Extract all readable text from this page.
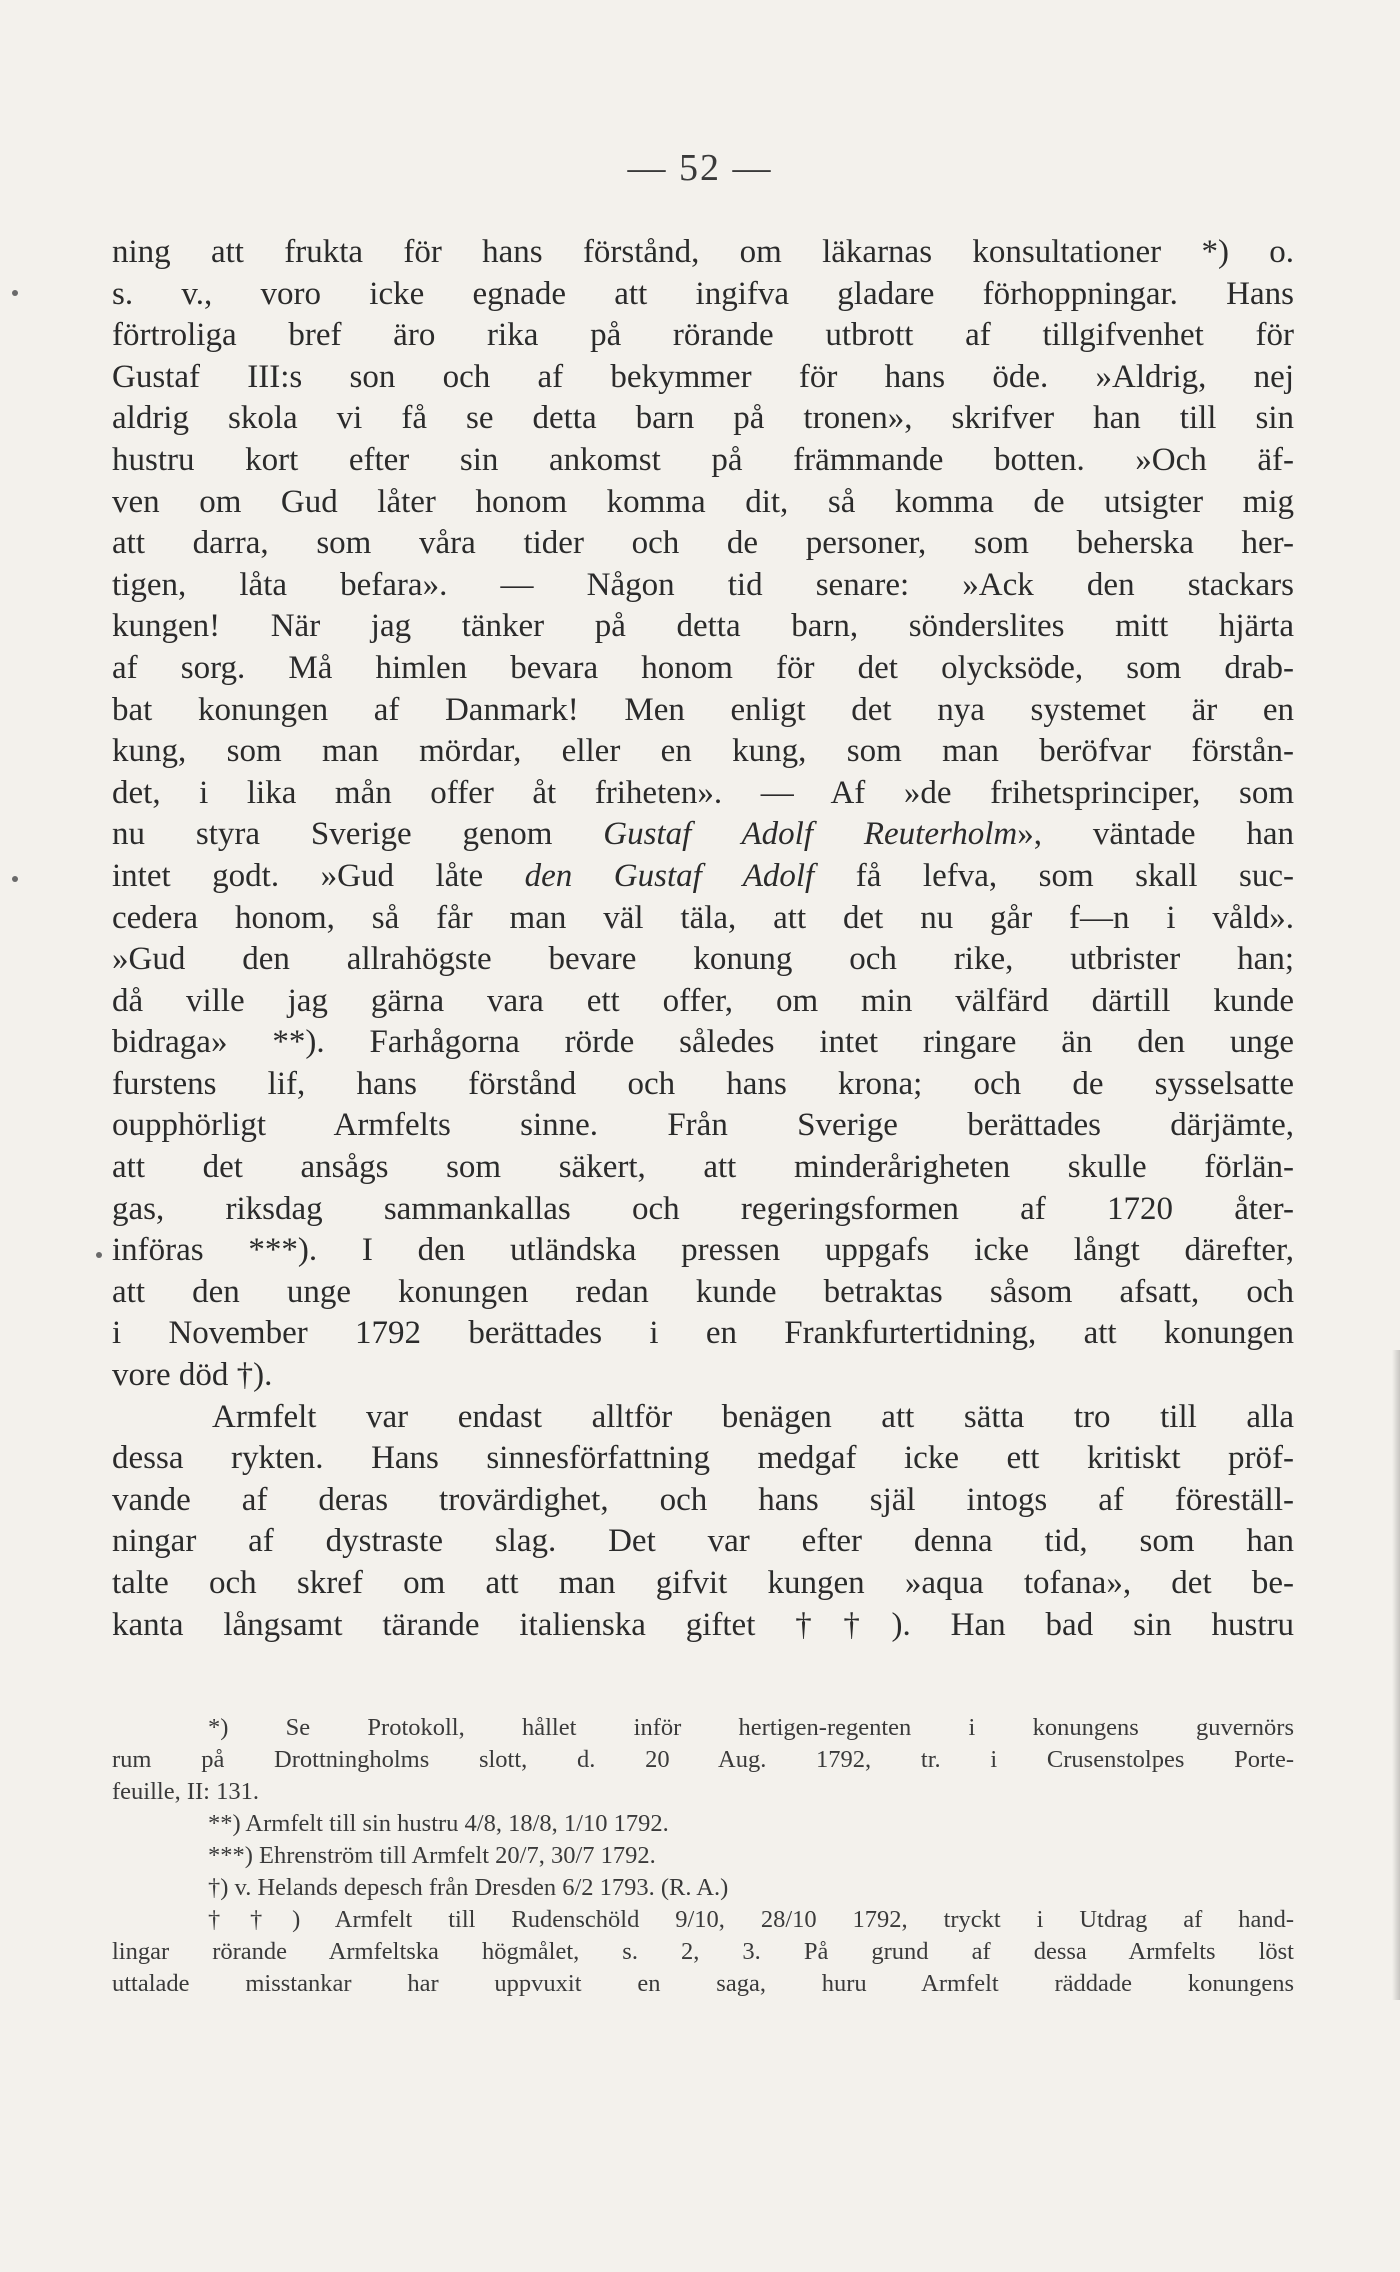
— 52 —
ning att frukta för hans förstånd, om läkarnas konsultationer *) o.
s. v., voro icke egnade att ingifva gladare förhoppningar. Hans
förtroliga bref äro rika på rörande utbrott af tillgifvenhet för
Gustaf III:s son och af bekymmer för hans öde. »Aldrig, nej
aldrig skola vi få se detta barn på tronen», skrifver han till sin
hustru kort efter sin ankomst på främmande botten. »Och äf-
ven om Gud låter honom komma dit, så komma de utsigter mig
att darra, som våra tider och de personer, som beherska her-
tigen, låta befara». — Någon tid senare: »Ack den stackars
kungen! När jag tänker på detta barn, sönderslites mitt hjärta
af sorg. Må himlen bevara honom för det olycksöde, som drab-
bat konungen af Danmark! Men enligt det nya systemet är en
kung, som man mördar, eller en kung, som man beröfvar förstån-
det, i lika mån offer åt friheten». — Af »de frihetsprinciper, som
nu styra Sverige genom Gustaf Adolf Reuterholm», väntade han
intet godt. »Gud låte den Gustaf Adolf få lefva, som skall suc-
cedera honom, så får man väl täla, att det nu går f—n i våld».
»Gud den allrahögste bevare konung och rike, utbrister han;
då ville jag gärna vara ett offer, om min välfärd därtill kunde
bidraga» **). Farhågorna rörde således intet ringare än den unge
furstens lif, hans förstånd och hans krona; och de sysselsatte
oupphörligt Armfelts sinne. Från Sverige berättades därjämte,
att det ansågs som säkert, att minderårigheten skulle förlän-
gas, riksdag sammankallas och regeringsformen af 1720 åter-
införas ***). I den utländska pressen uppgafs icke långt därefter,
att den unge konungen redan kunde betraktas såsom afsatt, och
i November 1792 berättades i en Frankfurtertidning, att konungen
vore död †).
Armfelt var endast alltför benägen att sätta tro till alla
dessa rykten. Hans sinnesförfattning medgaf icke ett kritiskt pröf-
vande af deras trovärdighet, och hans själ intogs af föreställ-
ningar af dystraste slag. Det var efter denna tid, som han
talte och skref om att man gifvit kungen »aqua tofana», det be-
kanta långsamt tärande italienska giftet ††). Han bad sin hustru
*) Se Protokoll, hållet inför hertigen-regenten i konungens guvernörs
rum på Drottningholms slott, d. 20 Aug. 1792, tr. i Crusenstolpes Porte-
feuille, II: 131.
**) Armfelt till sin hustru 4/8, 18/8, 1/10 1792.
***) Ehrenström till Armfelt 20/7, 30/7 1792.
†) v. Helands depesch från Dresden 6/2 1793. (R. A.)
††) Armfelt till Rudenschöld 9/10, 28/10 1792, tryckt i Utdrag af hand-
lingar rörande Armfeltska högmålet, s. 2, 3. På grund af dessa Armfelts löst
uttalade misstankar har uppvuxit en saga, huru Armfelt räddade konungens
